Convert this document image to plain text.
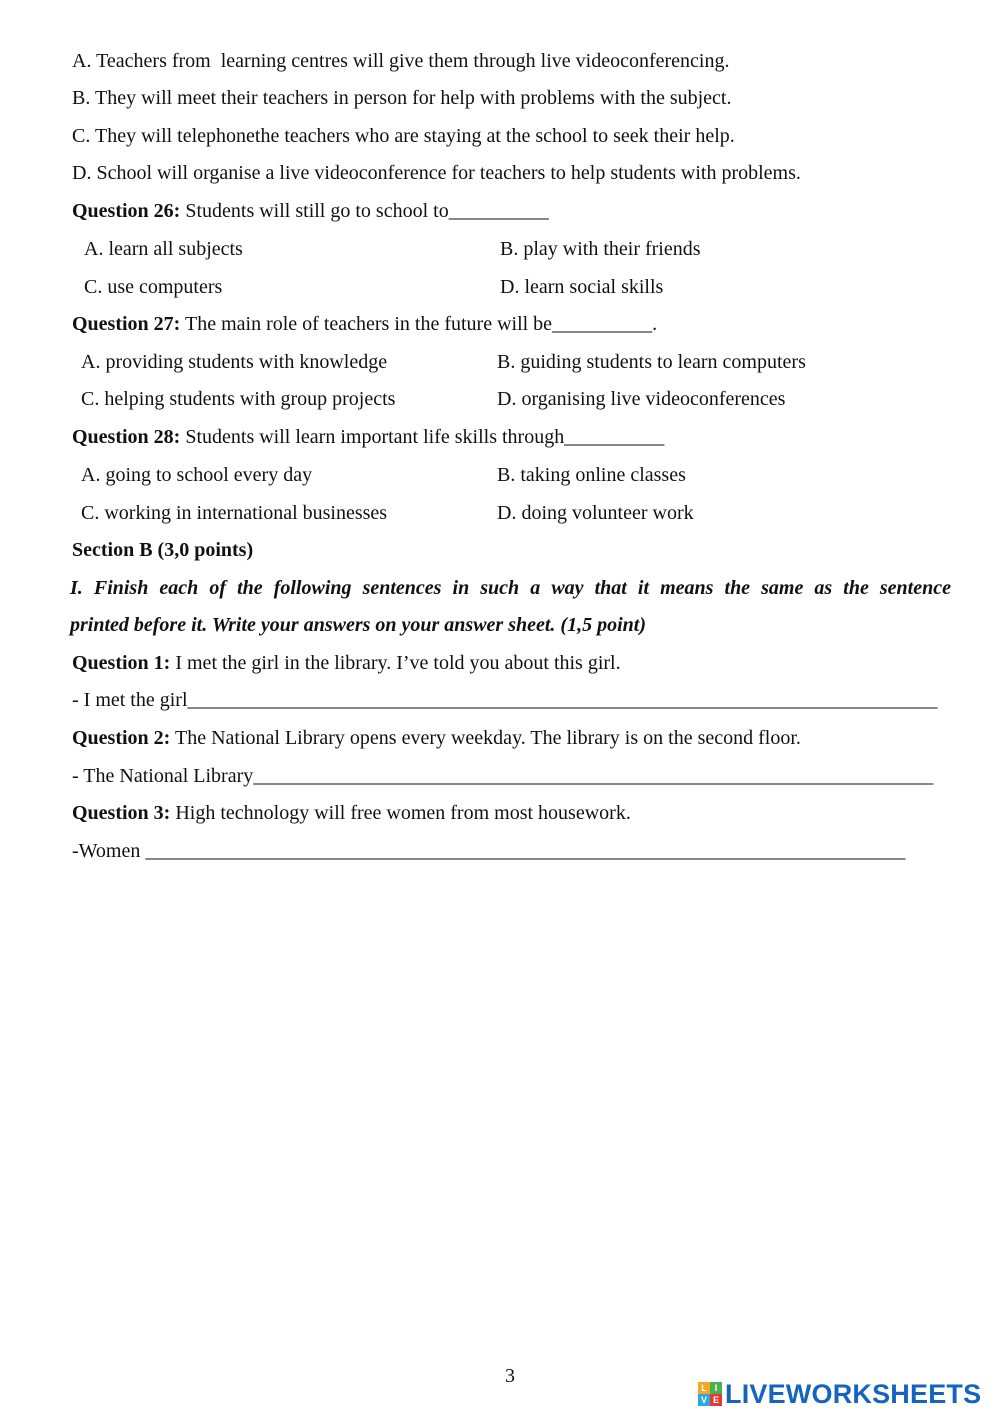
A. Teachers from  learning centres will give them through live videoconferencing.
B. They will meet their teachers in person for help with problems with the subject.
C. They will telephonethe teachers who are staying at the school to seek their help.
D. School will organise a live videoconference for teachers to help students with problems.
Question 26: Students will still go to school to__________
A. learn all subjects	B. play with their friends
C. use computers	D. learn social skills
Question 27: The main role of teachers in the future will be__________.
A. providing students with knowledge	B. guiding students to learn computers
C. helping students with group projects	D. organising live videoconferences
Question 28: Students will learn important life skills through__________
A. going to school every day	B. taking online classes
C. working in international businesses	D. doing volunteer work
Section B (3,0 points)
I. Finish each of the following sentences in such a way that it means the same as the sentence
printed before it. Write your answers on your answer sheet. (1,5 point)
Question 1: I met the girl in the library. I’ve told you about this girl.
- I met the girl___________________________________________________________________________
Question 2: The National Library opens every weekday. The library is on the second floor.
- The National Library____________________________________________________________________
Question 3: High technology will free women from most housework.
-Women ____________________________________________________________________________
3
L I
V E LIVEWORKSHEETS
